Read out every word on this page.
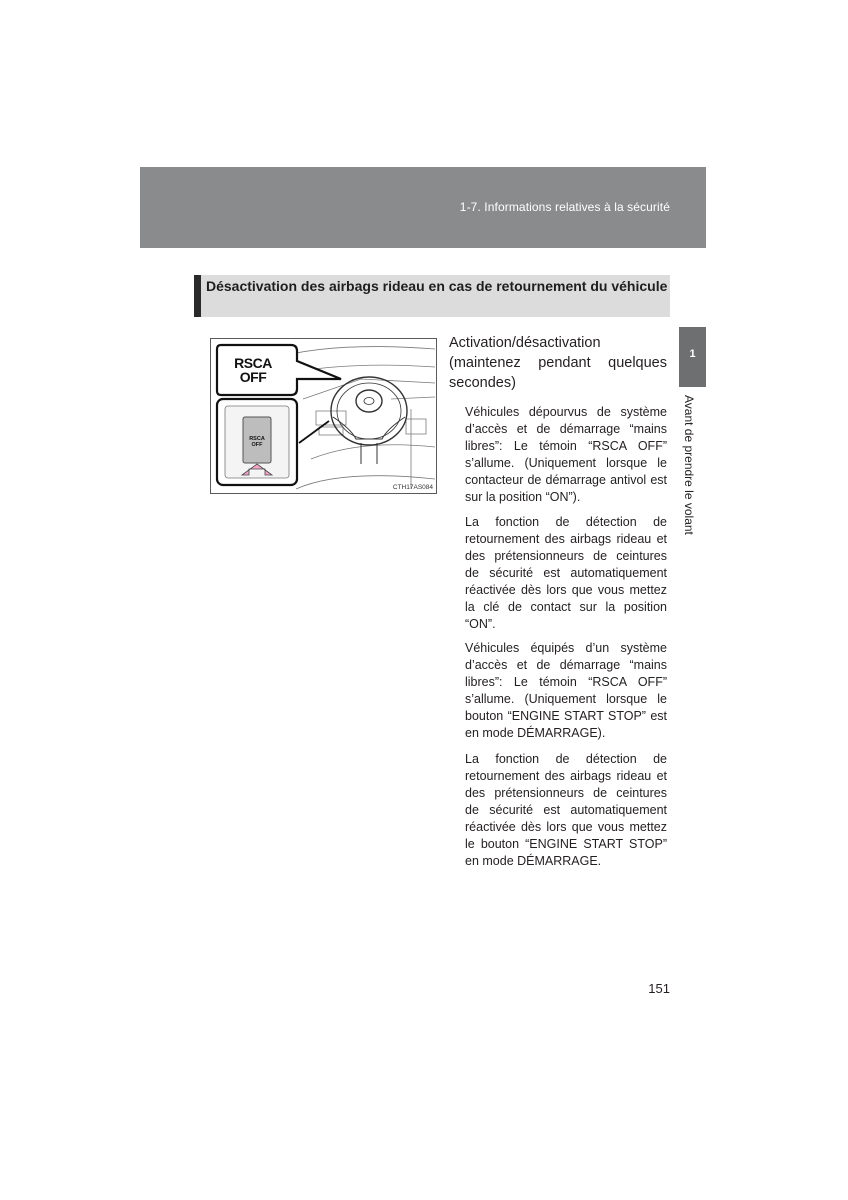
1-7. Informations relatives à la sécurité
1
Avant de prendre le volant
Désactivation des airbags rideau en cas de retournement du véhicule
RSCA
OFF
RSCA
OFF
CTH17AS084
Activation/désactivation (maintenez pendant quelques secondes)
Véhicules dépourvus de système d’accès et de démarrage “mains libres”: Le témoin “RSCA OFF” s’allume. (Uniquement lorsque le contacteur de démarrage antivol est sur la position “ON”).
La fonction de détection de retournement des airbags rideau et des prétensionneurs de ceintures de sécurité est automatiquement réactivée dès lors que vous mettez la clé de contact sur la position “ON”.
Véhicules équipés d’un système d’accès et de démarrage “mains libres”: Le témoin “RSCA OFF” s’allume. (Uniquement lorsque le bouton “ENGINE START STOP” est en mode DÉMARRAGE).
La fonction de détection de retournement des airbags rideau et des prétensionneurs de ceintures de sécurité est automatiquement réactivée dès lors que vous mettez le bouton “ENGINE START STOP” en mode DÉMARRAGE.
151
